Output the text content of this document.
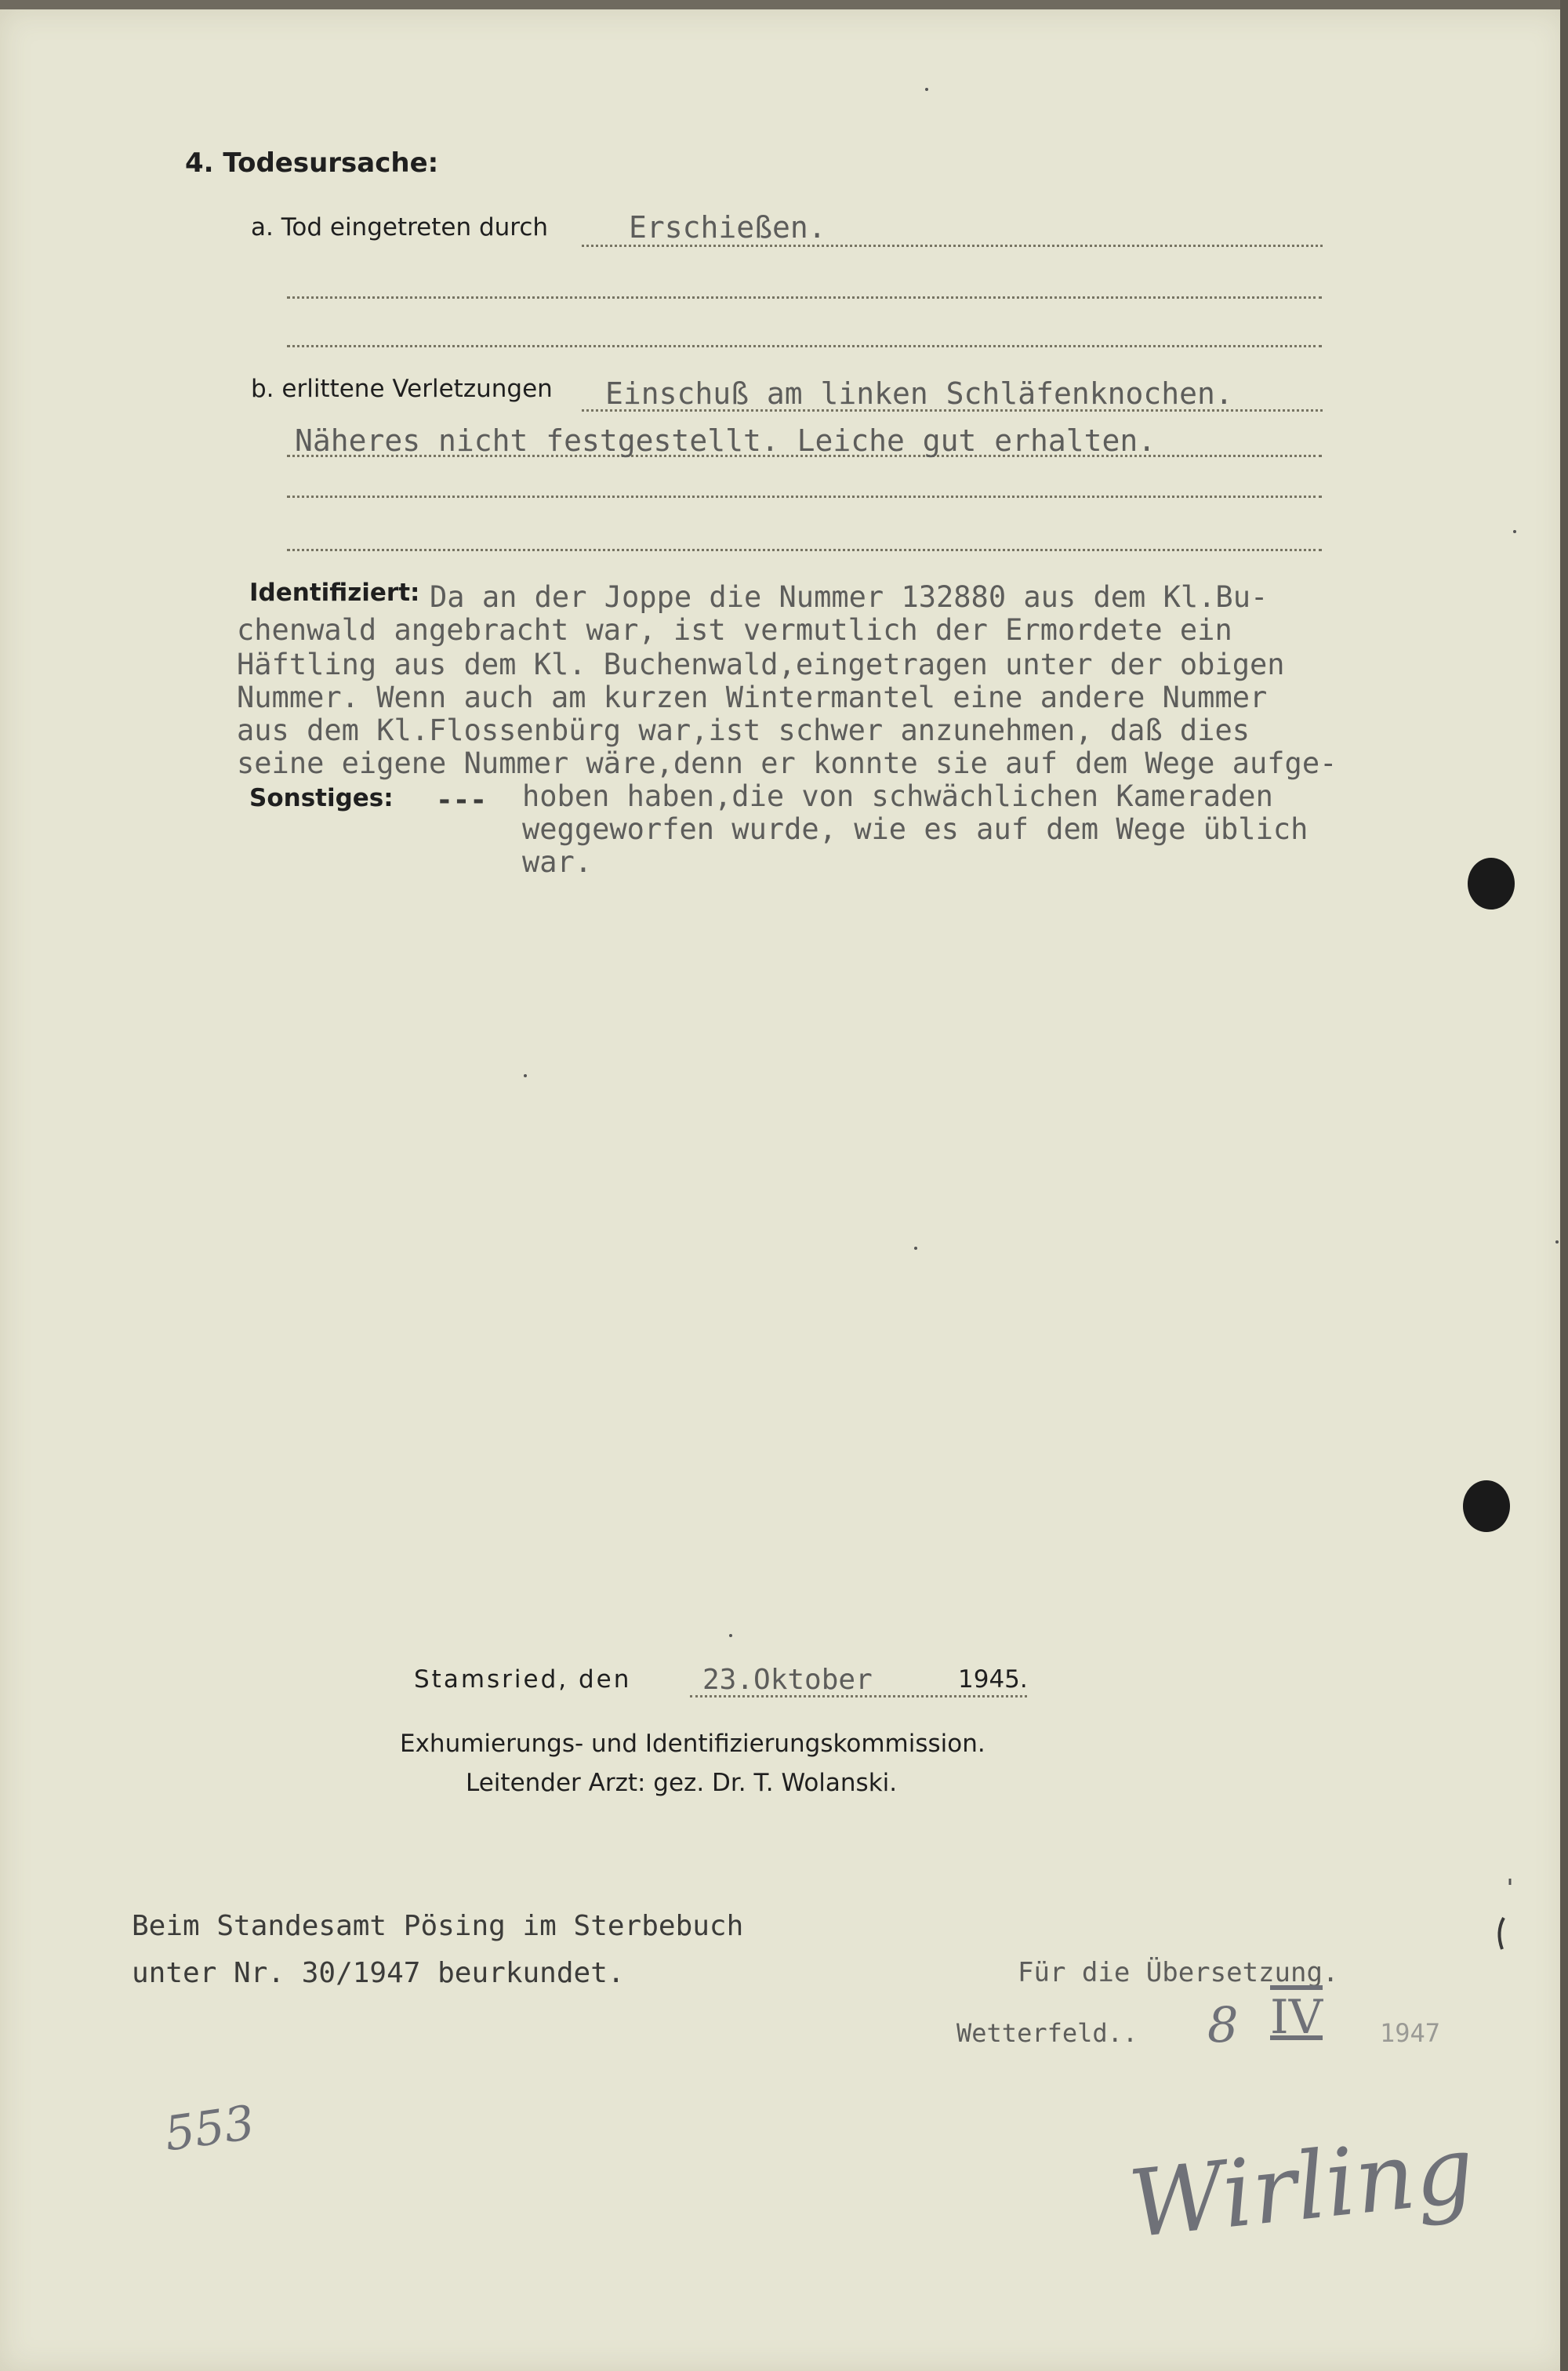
4. Todesursache:
a. Tod eingetreten durch	Erschießen.
b. erlittene Verletzungen Einschuß am linken Schläfenknochen.
Näheres nicht festgestellt. Leiche gut erhalten.
Identifiziert: Da an der Joppe die Nummer 132880 aus dem Kl.Bu-
chenwald angebracht war, ist vermutlich der Ermordete ein
Häftling aus dem Kl. Buchenwald,eingetragen unter der obigen
Nummer. Wenn auch am kurzen Wintermantel eine andere Nummer
aus dem Kl.Flossenbürg war,ist schwer anzunehmen, daß dies
seine eigene Nummer wäre,denn er konnte sie auf dem Wege aufge-
hoben haben,die von schwächlichen Kameraden
weggeworfen wurde, wie es auf dem Wege üblich
war.
Sonstiges: ---
Stamsried, den	23.Oktober	1945.
Exhumierungs- und Identifizierungskommission.
Leitender Arzt: gez. Dr. T. Wolanski.
Beim Standesamt Pösing im Sterbebuch
unter Nr. 30/1947 beurkundet.	Für die Übersetzung.
Wetterfeld.. 8 IV 1947
553	Wirling
